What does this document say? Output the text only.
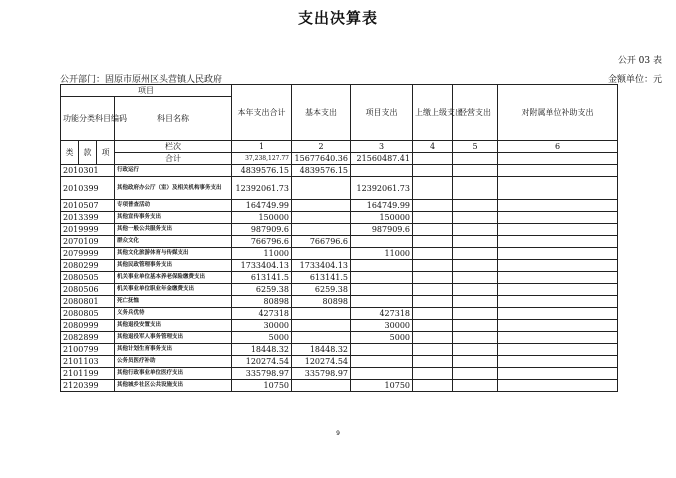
支出决算表
公开 03 表
公开部门：固原市原州区头营镇人民政府	金额单位：元
项目				本年支出合计	基本支出	项目支出	上缴上级支出	经营支出	对附属单位补助支出
功能分类科目编码			科目名称						

类	款	项	栏次	1	2	3	4	5	6
			合计	37,238,127.77	15677640.36	21560487.41			
2010301			行政运行	4839576.15	4839576.15				
2010399			其他政府办公厅（室）及相关机构事务支出	12392061.73		12392061.73			
2010507			专项普查活动	164749.99		164749.99			
2013399			其他宣传事务支出	150000		150000			
2019999			其他一般公共服务支出	987909.6		987909.6			
2070109			群众文化	766796.6	766796.6				
2079999			其他文化旅游体育与传媒支出	11000		11000			
2080299			其他民政管理事务支出	1733404.13	1733404.13				
2080505			机关事业单位基本养老保险缴费支出	613141.5	613141.5				
2080506			机关事业单位职业年金缴费支出	6259.38	6259.38				
2080801			死亡抚恤	80898	80898				
2080805			义务兵优待	427318		427318			
2080999			其他退役安置支出	30000		30000			
2082899			其他退役军人事务管理支出	5000		5000			
2100799			其他计划生育事务支出	18448.32	18448.32				
2101103			公务员医疗补助	120274.54	120274.54				
2101199			其他行政事业单位医疗支出	335798.97	335798.97				
2120399			其他城乡社区公共设施支出	10750		10750			
9
